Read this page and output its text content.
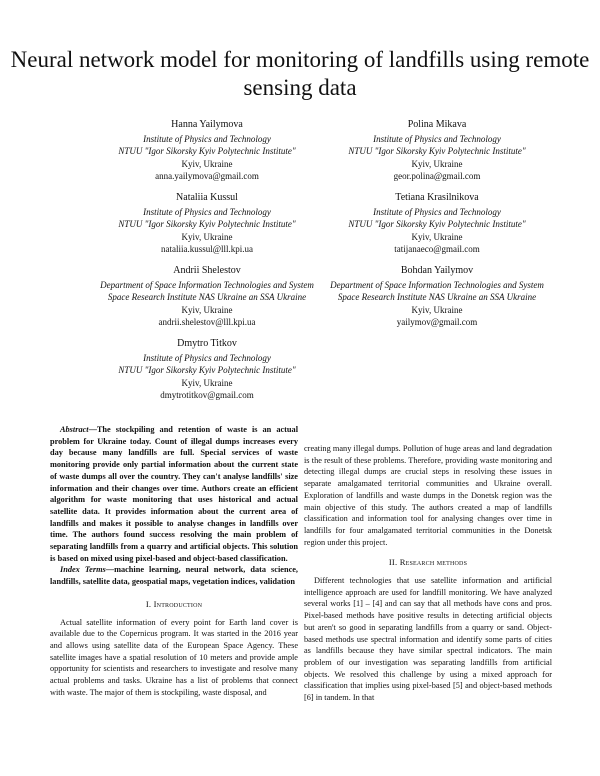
Neural network model for monitoring of landfills using remote sensing data
Hanna Yailymova
Institute of Physics and Technology
NTUU "Igor Sikorsky Kyiv Polytechnic Institute"
Kyiv, Ukraine
anna.yailymova@gmail.com
Polina Mikava
Institute of Physics and Technology
NTUU "Igor Sikorsky Kyiv Polytechnic Institute"
Kyiv, Ukraine
geor.polina@gmail.com
Nataliia Kussul
Institute of Physics and Technology
NTUU "Igor Sikorsky Kyiv Polytechnic Institute"
Kyiv, Ukraine
nataliia.kussul@lll.kpi.ua
Tetiana Krasilnikova
Institute of Physics and Technology
NTUU "Igor Sikorsky Kyiv Polytechnic Institute"
Kyiv, Ukraine
tatijanaeco@gmail.com
Andrii Shelestov
Department of Space Information Technologies and System
Space Research Institute NAS Ukraine an SSA Ukraine
Kyiv, Ukraine
andrii.shelestov@lll.kpi.ua
Bohdan Yailymov
Department of Space Information Technologies and System
Space Research Institute NAS Ukraine an SSA Ukraine
Kyiv, Ukraine
yailymov@gmail.com
Dmytro Titkov
Institute of Physics and Technology
NTUU "Igor Sikorsky Kyiv Polytechnic Institute"
Kyiv, Ukraine
dmytrotitkov@gmail.com

Abstract—The stockpiling and retention of waste is an actual problem for Ukraine today. Count of illegal dumps increases every day because many landfills are full. Special services of waste monitoring provide only partial information about the current state of waste dumps all over the country. They can't analyse landfills' size information and their changes over time. Authors create an efficient algorithm for waste monitoring that uses historical and actual satellite data. It provides information about the current area of landfills and makes it possible to analyse changes in landfills over time. The authors found success resolving the main problem of separating landfills from a quarry and artificial objects. This solution is based on mixed using pixel-based and object-based classification.

Index Terms—machine learning, neural network, data science, landfills, satellite data, geospatial maps, vegetation indices, validation

I. Introduction

Actual satellite information of every point for Earth land cover is available due to the Copernicus program. It was started in the 2016 year and allows using satellite data of the European Space Agency. These satellite images have a spatial resolution of 10 meters and provide ample opportunity for scientists and researchers to investigate and resolve many actual problems and tasks. Ukraine has a list of problems that connect with waste. The major of them is stockpiling, waste disposal, and

creating many illegal dumps. Pollution of huge areas and land degradation is the result of these problems. Therefore, providing waste monitoring and detecting illegal dumps are crucial steps in resolving these issues in separate amalgamated territorial communities and Ukraine overall. Exploration of landfills and waste dumps in the Donetsk region was the main objective of this study. The authors created a map of landfills classification and information tool for analysing changes over time in landfills for four amalgamated territorial communities in the Donetsk region under this project.

II. Research methods

Different technologies that use satellite information and artificial intelligence approach are used for landfill monitoring. We have analyzed several works [1] – [4] and can say that all methods have cons and pros. Pixel-based methods have positive results in detecting artificial objects but aren't so good in separating landfills from a quarry or sand. Object-based methods use spectral information and identify some parts of cities as landfills because they have similar spectral indicators. The main problem of our investigation was separating landfills from artificial objects. We resolved this challenge by using a mixed approach for classification that implies using pixel-based [5] and object-based methods [6] in tandem. In that
